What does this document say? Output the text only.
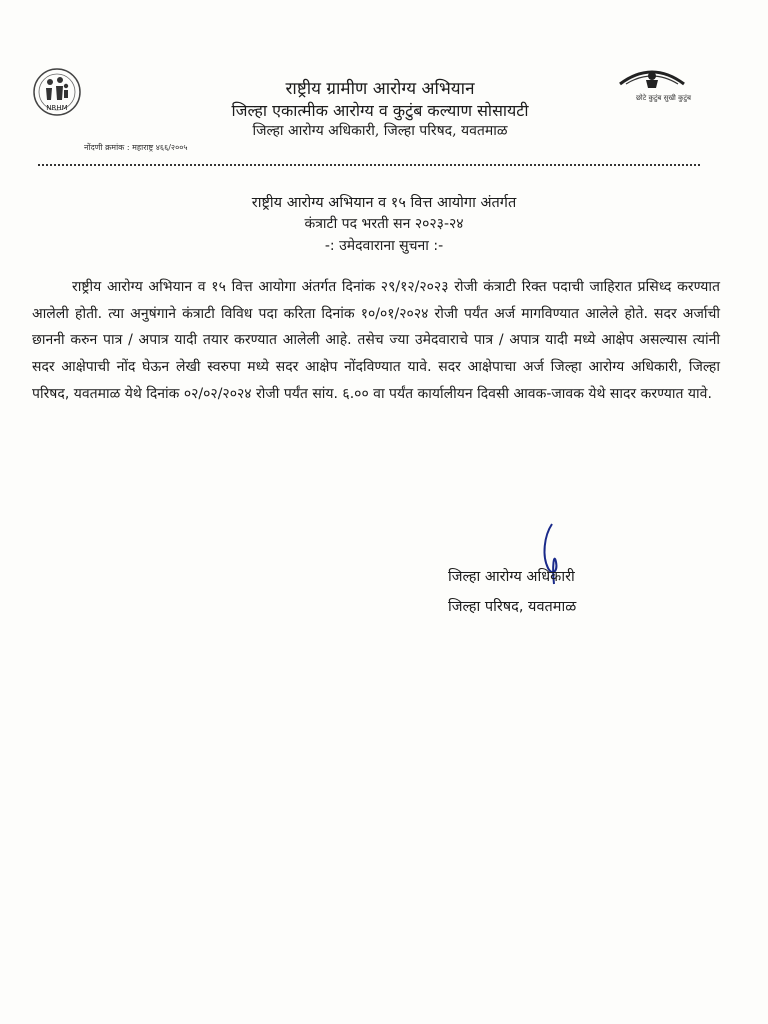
NRHM
छोटे कुटुंब सुखी कुटुंब
राष्ट्रीय ग्रामीण आरोग्य अभियान
जिल्हा एकात्मीक आरोग्य व कुटुंब कल्याण सोसायटी
जिल्हा आरोग्य अधिकारी, जिल्हा परिषद, यवतमाळ
नोंदणी क्रमांक : महाराष्ट्र ४६६/२००५
राष्ट्रीय आरोग्य अभियान व १५ वित्त आयोगा अंतर्गत
कंत्राटी पद भरती सन २०२३-२४
-: उमेदवाराना सुचना :-
राष्ट्रीय आरोग्य अभियान व १५ वित्त आयोगा अंतर्गत दिनांक २९/१२/२०२३ रोजी कंत्राटी रिक्त पदाची जाहिरात प्रसिध्द करण्यात आलेली होती. त्या अनुषंगाने कंत्राटी विविध पदा करिता दिनांक १०/०१/२०२४ रोजी पर्यंत अर्ज मागविण्यात आलेले होते. सदर अर्जाची छाननी करुन पात्र / अपात्र यादी तयार करण्यात आलेली आहे. तसेच ज्या उमेदवाराचे पात्र / अपात्र यादी मध्ये आक्षेप असल्यास त्यांनी सदर आक्षेपाची नोंद घेऊन लेखी स्वरुपा मध्ये सदर आक्षेप नोंदविण्यात यावे. सदर आक्षेपाचा अर्ज जिल्हा आरोग्य अधिकारी, जिल्हा परिषद, यवतमाळ येथे दिनांक ०२/०२/२०२४ रोजी पर्यंत सांय. ६.०० वा पर्यंत कार्यालीयन दिवसी आवक-जावक येथे सादर करण्यात यावे.
जिल्हा आरोग्य अधिकारी
जिल्हा परिषद, यवतमाळ
